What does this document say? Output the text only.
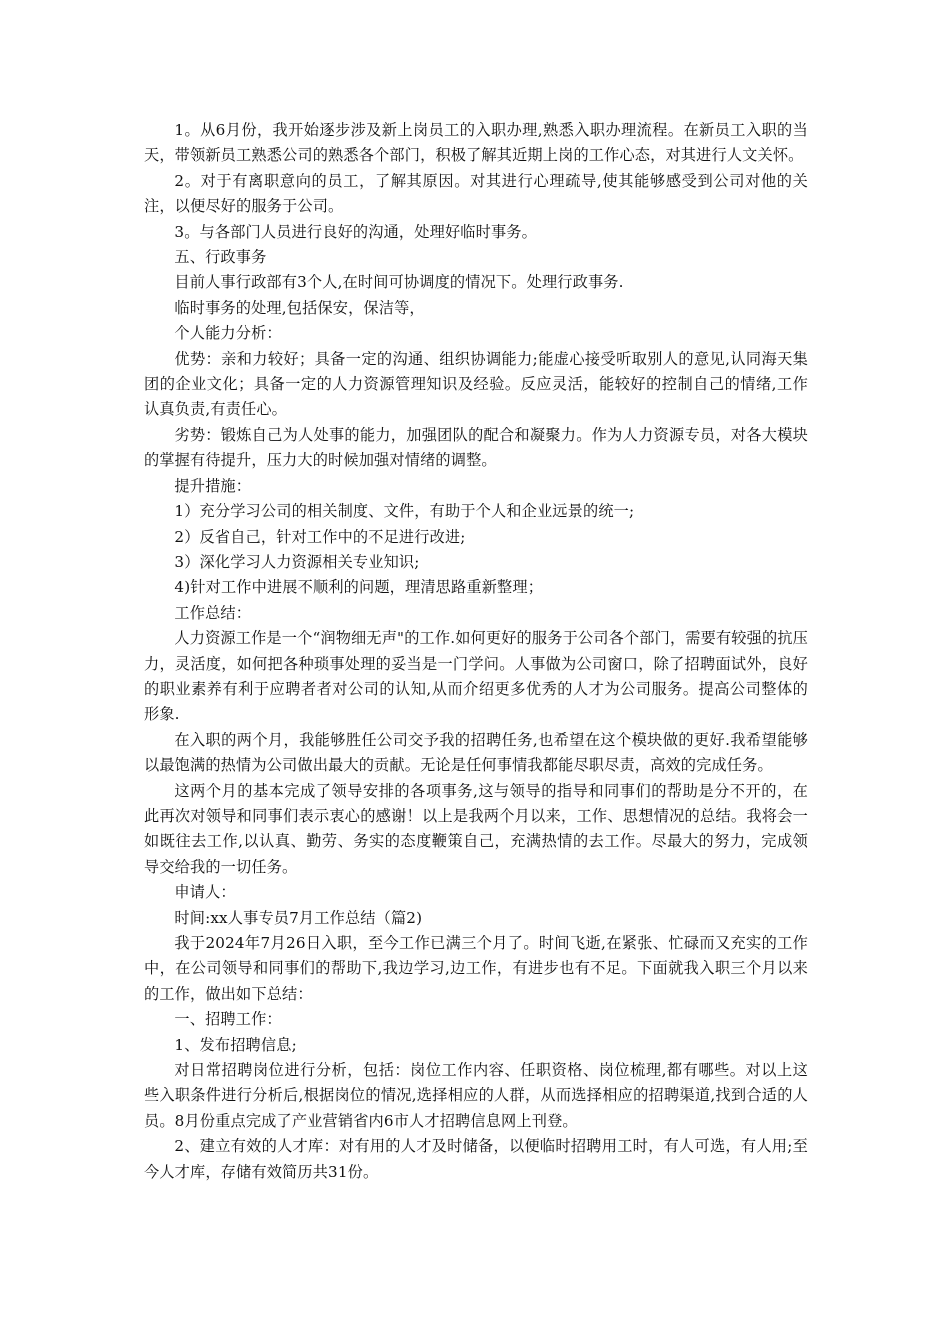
1。从6月份，我开始逐步涉及新上岗员工的入职办理,熟悉入职办理流程。在新员工入职的当天，带领新员工熟悉公司的熟悉各个部门，积极了解其近期上岗的工作心态，对其进行人文关怀。

2。对于有离职意向的员工，了解其原因。对其进行心理疏导,使其能够感受到公司对他的关注，以便尽好的服务于公司。

3。与各部门人员进行良好的沟通，处理好临时事务。

五、行政事务

目前人事行政部有3个人,在时间可协调度的情况下。处理行政事务.

临时事务的处理,包括保安，保洁等，

个人能力分析：

优势：亲和力较好；具备一定的沟通、组织协调能力;能虚心接受听取别人的意见,认同海天集团的企业文化；具备一定的人力资源管理知识及经验。反应灵活，能较好的控制自己的情绪,工作认真负责,有责任心。

劣势：锻炼自己为人处事的能力，加强团队的配合和凝聚力。作为人力资源专员，对各大模块的掌握有待提升，压力大的时候加强对情绪的调整。

提升措施：

1）充分学习公司的相关制度、文件，有助于个人和企业远景的统一;

2）反省自己，针对工作中的不足进行改进;

3）深化学习人力资源相关专业知识;

4)针对工作中进展不顺利的问题，理清思路重新整理；

工作总结：

人力资源工作是一个“润物细无声"的工作.如何更好的服务于公司各个部门，需要有较强的抗压力，灵活度，如何把各种琐事处理的妥当是一门学问。人事做为公司窗口，除了招聘面试外，良好的职业素养有利于应聘者者对公司的认知,从而介绍更多优秀的人才为公司服务。提高公司整体的形象.

在入职的两个月，我能够胜任公司交予我的招聘任务,也希望在这个模块做的更好.我希望能够以最饱满的热情为公司做出最大的贡献。无论是任何事情我都能尽职尽责，高效的完成任务。

这两个月的基本完成了领导安排的各项事务,这与领导的指导和同事们的帮助是分不开的，在此再次对领导和同事们表示衷心的感谢！以上是我两个月以来，工作、思想情况的总结。我将会一如既往去工作,以认真、勤劳、务实的态度鞭策自己，充满热情的去工作。尽最大的努力，完成领导交给我的一切任务。

申请人：

时间:xx人事专员7月工作总结（篇2)

我于2024年7月26日入职，至今工作已满三个月了。时间飞逝,在紧张、忙碌而又充实的工作中，在公司领导和同事们的帮助下,我边学习,边工作，有进步也有不足。下面就我入职三个月以来的工作，做出如下总结：

一、招聘工作：

1、发布招聘信息;

对日常招聘岗位进行分析，包括：岗位工作内容、任职资格、岗位梳理,都有哪些。对以上这些入职条件进行分析后,根据岗位的情况,选择相应的人群，从而选择相应的招聘渠道,找到合适的人员。8月份重点完成了产业营销省内6市人才招聘信息网上刊登。

2、建立有效的人才库：对有用的人才及时储备，以便临时招聘用工时，有人可选，有人用;至今人才库，存储有效简历共31份。
